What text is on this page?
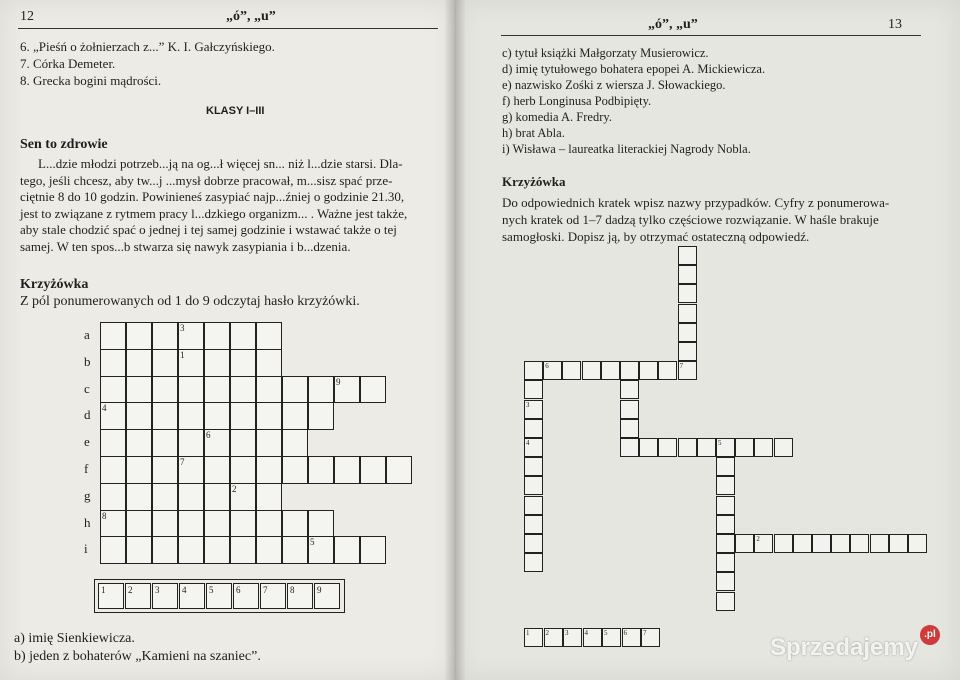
12	„ó”, „u”
6. „Pieśń o żołnierzach z...” K. I. Gałczyńskiego.
7. Córka Demeter.
8. Grecka bogini mądrości.
KLASY I–III
Sen to zdrowie
L...dzie młodzi potrzeb...ją na og...ł więcej sn... niż l...dzie starsi. Dla-
tego, jeśli chcesz, aby tw...j ...mysł dobrze pracował, m...sisz spać prze-
ciętnie 8 do 10 godzin. Powinieneś zasypiać najp...źniej o godzinie 21.30,
jest to związane z rytmem pracy l...dzkiego organizm... . Ważne jest także,
aby stale chodzić spać o jednej i tej samej godzinie i wstawać także o tej
samej. W ten spos...b stwarza się nawyk zasypiania i b...dzenia.
Krzyżówka
Z pól ponumerowanych od 1 do 9 odczytaj hasło krzyżówki.
a
b
c
d
e
f
g
h
i
3
1
9
4
6
7
2
8
5
1	2	3	4	5	6	7	8	9
a) imię Sienkiewicza.
b) jeden z bohaterów „Kamieni na szaniec”.
„ó”, „u”	13
c) tytuł książki Małgorzaty Musierowicz.
d) imię tytułowego bohatera epopei A. Mickiewicza.
e) nazwisko Zośki z wiersza J. Słowackiego.
f) herb Longinusa Podbipięty.
g) komedia A. Fredry.
h) brat Abla.
i) Wisława – laureatka literackiej Nagrody Nobla.
Krzyżówka
Do odpowiednich kratek wpisz nazwy przypadków. Cyfry z ponumerowa-
nych kratek od 1–7 dadzą tylko częściowe rozwiązanie. W haśle brakuje
samogłoski. Dopisz ją, by otrzymać ostateczną odpowiedź.
6	7
3
4	5
2
1 2 3 4 5 6 7
Sprzedajemy .pl
